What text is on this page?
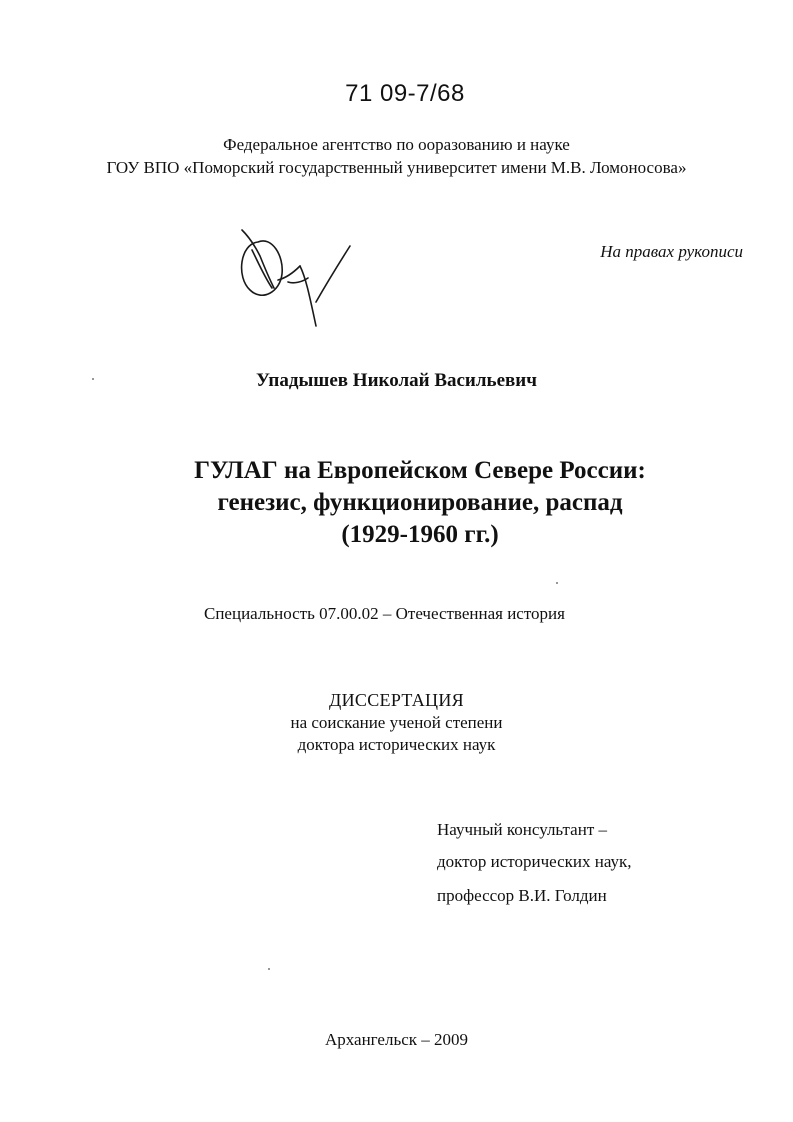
71 09-7/68
Федеральное агентство по ооразованию и науке
ГОУ ВПО «Поморский государственный университет имени М.В. Ломоносова»
На правах рукописи
Упадышев Николай Васильевич
ГУЛАГ на Европейском Севере России:
генезис, функционирование, распад
(1929-1960 гг.)
Специальность 07.00.02 – Отечественная история
ДИССЕРТАЦИЯ
на соискание ученой степени
доктора исторических наук
Научный консультант –
доктор исторических наук,
профессор В.И. Голдин
Архангельск – 2009
